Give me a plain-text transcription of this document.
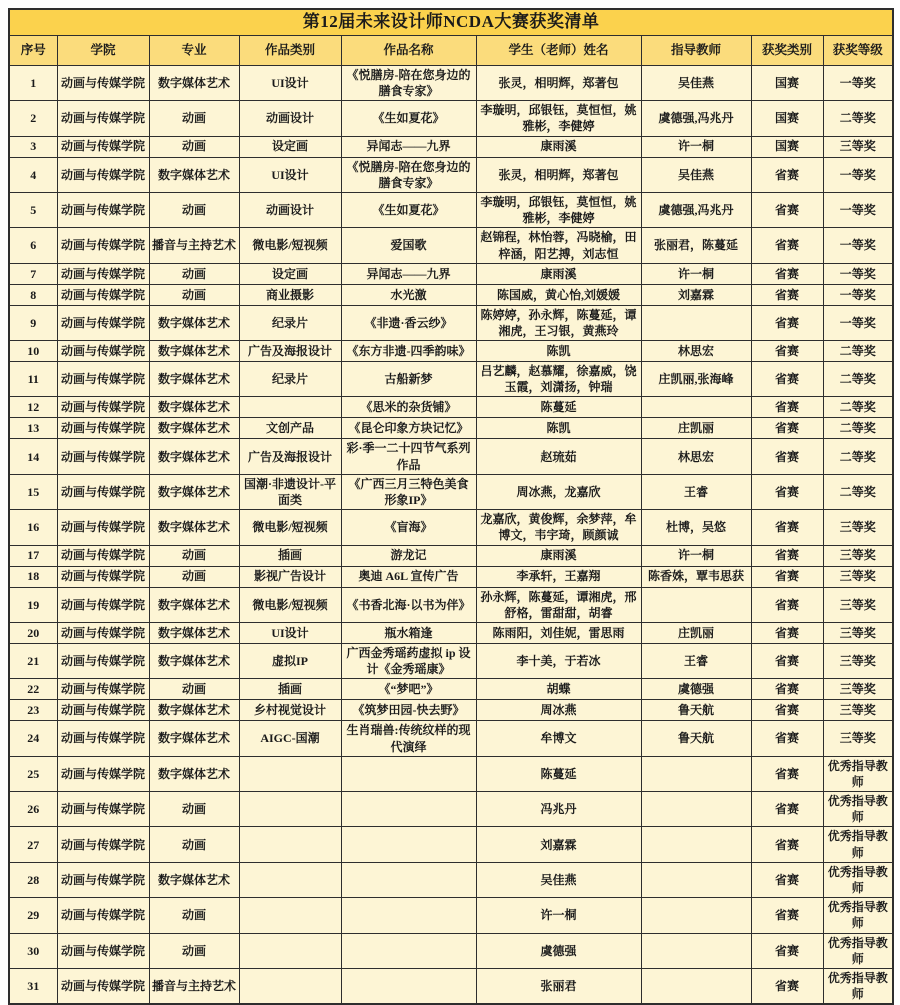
第12届未来设计师NCDA大赛获奖清单								
序号	学院	专业	作品类别	作品名称	学生（老师）姓名	指导教师	获奖类别	获奖等级
1	动画与传媒学院	数字媒体艺术	UI设计	《悦膳房-陪在您身边的膳食专家》	张灵，相明辉，郑著包	吴佳燕	国赛	一等奖
2	动画与传媒学院	动画	动画设计	《生如夏花》	李璇明，邱银钰，莫恒恒，姚雅彬，李健婷	虞德强,冯兆丹	国赛	二等奖
3	动画与传媒学院	动画	设定画	异闻志——九界	康雨溪	许一桐	国赛	三等奖
4	动画与传媒学院	数字媒体艺术	UI设计	《悦膳房-陪在您身边的膳食专家》	张灵，相明辉，郑著包	吴佳燕	省赛	一等奖
5	动画与传媒学院	动画	动画设计	《生如夏花》	李璇明，邱银钰，莫恒恒，姚雅彬，李健婷	虞德强,冯兆丹	省赛	一等奖
6	动画与传媒学院	播音与主持艺术	微电影/短视频	爱国歌	赵锦程，林怡蓉，冯晓榆，田梓涵，阳艺搏，刘志恒	张丽君，陈蔓延	省赛	一等奖
7	动画与传媒学院	动画	设定画	异闻志——九界	康雨溪	许一桐	省赛	一等奖
8	动画与传媒学院	动画	商业摄影	水光激	陈国威，黄心怡,刘媛媛	刘嘉霖	省赛	一等奖
9	动画与传媒学院	数字媒体艺术	纪录片	《非遗·香云纱》	陈婷婷，孙永辉，陈蔓延，谭湘虎，王习银，黄燕玲		省赛	一等奖
10	动画与传媒学院	数字媒体艺术	广告及海报设计	《东方非遗-四季韵味》	陈凯	林思宏	省赛	二等奖
11	动画与传媒学院	数字媒体艺术	纪录片	古船新梦	吕艺麟，赵慕耀，徐嘉威，饶玉霞，刘潇扬，钟瑞	庄凯丽,张海峰	省赛	二等奖
12	动画与传媒学院	数字媒体艺术		《思米的杂货铺》	陈蔓延		省赛	二等奖
13	动画与传媒学院	数字媒体艺术	文创产品	《昆仑印象方块记忆》	陈凯	庄凯丽	省赛	二等奖
14	动画与传媒学院	数字媒体艺术	广告及海报设计	彩·季一二十四节气系列作品	赵琉茹	林思宏	省赛	二等奖
15	动画与传媒学院	数字媒体艺术	国潮·非遗设计-平面类	《广西三月三特色美食形象IP》	周冰燕，龙嘉欣	王睿	省赛	二等奖
16	动画与传媒学院	数字媒体艺术	微电影/短视频	《盲海》	龙嘉欣，黄俊辉，余梦萍，牟博文，韦宇琦，顾颜诚	杜博，吴悠	省赛	三等奖
17	动画与传媒学院	动画	插画	游龙记	康雨溪	许一桐	省赛	三等奖
18	动画与传媒学院	动画	影视广告设计	奥迪 A6L 宣传广告	李承轩，王嘉翔	陈香姝，覃韦思获	省赛	三等奖
19	动画与传媒学院	数字媒体艺术	微电影/短视频	《书香北海·以书为伴》	孙永辉，陈蔓延，谭湘虎，邢舒格，雷甜甜，胡睿		省赛	三等奖
20	动画与传媒学院	数字媒体艺术	UI设计	瓶水箱逢	陈雨阳，刘佳妮，雷思雨	庄凯丽	省赛	三等奖
21	动画与传媒学院	数字媒体艺术	虚拟IP	广西金秀瑶药虚拟 ip 设计《金秀瑶康》	李十美，于若冰	王睿	省赛	三等奖
22	动画与传媒学院	动画	插画	《“梦吧”》	胡蝶	虞德强	省赛	三等奖
23	动画与传媒学院	数字媒体艺术	乡村视觉设计	《筑梦田园-快去野》	周冰燕	鲁天航	省赛	三等奖
24	动画与传媒学院	数字媒体艺术	AIGC-国潮	生肖瑞兽:传统纹样的现代演绎	牟博文	鲁天航	省赛	三等奖
25	动画与传媒学院	数字媒体艺术			陈蔓延		省赛	优秀指导教师
26	动画与传媒学院	动画			冯兆丹		省赛	优秀指导教师
27	动画与传媒学院	动画			刘嘉霖		省赛	优秀指导教师
28	动画与传媒学院	数字媒体艺术			吴佳燕		省赛	优秀指导教师
29	动画与传媒学院	动画			许一桐		省赛	优秀指导教师
30	动画与传媒学院	动画			虞德强		省赛	优秀指导教师
31	动画与传媒学院	播音与主持艺术			张丽君		省赛	优秀指导教师
